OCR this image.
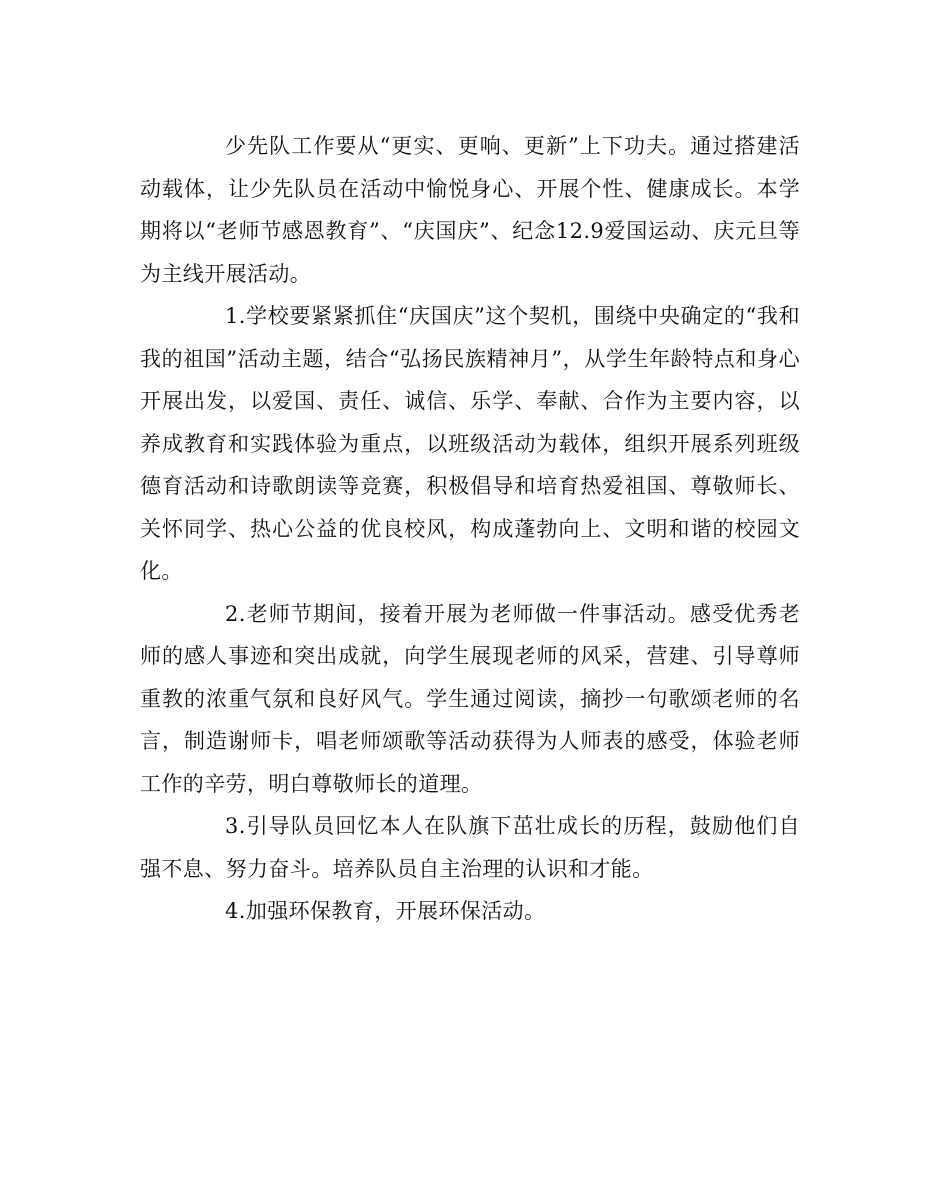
少先队工作要从“更实、更响、更新”上下功夫。通过搭建活动载体，让少先队员在活动中愉悦身心、开展个性、健康成长。本学期将以“老师节感恩教育”、“庆国庆”、纪念12.9爱国运动、庆元旦等为主线开展活动。

1.学校要紧紧抓住“庆国庆”这个契机，围绕中央确定的“我和我的祖国”活动主题，结合“弘扬民族精神月”，从学生年龄特点和身心开展出发，以爱国、责任、诚信、乐学、奉献、合作为主要内容，以养成教育和实践体验为重点，以班级活动为载体，组织开展系列班级德育活动和诗歌朗读等竞赛，积极倡导和培育热爱祖国、尊敬师长、关怀同学、热心公益的优良校风，构成蓬勃向上、文明和谐的校园文化。

2.老师节期间，接着开展为老师做一件事活动。感受优秀老师的感人事迹和突出成就，向学生展现老师的风采，营建、引导尊师重教的浓重气氛和良好风气。学生通过阅读，摘抄一句歌颂老师的名言，制造谢师卡，唱老师颂歌等活动获得为人师表的感受，体验老师工作的辛劳，明白尊敬师长的道理。

3.引导队员回忆本人在队旗下茁壮成长的历程，鼓励他们自强不息、努力奋斗。培养队员自主治理的认识和才能。

4.加强环保教育，开展环保活动。
